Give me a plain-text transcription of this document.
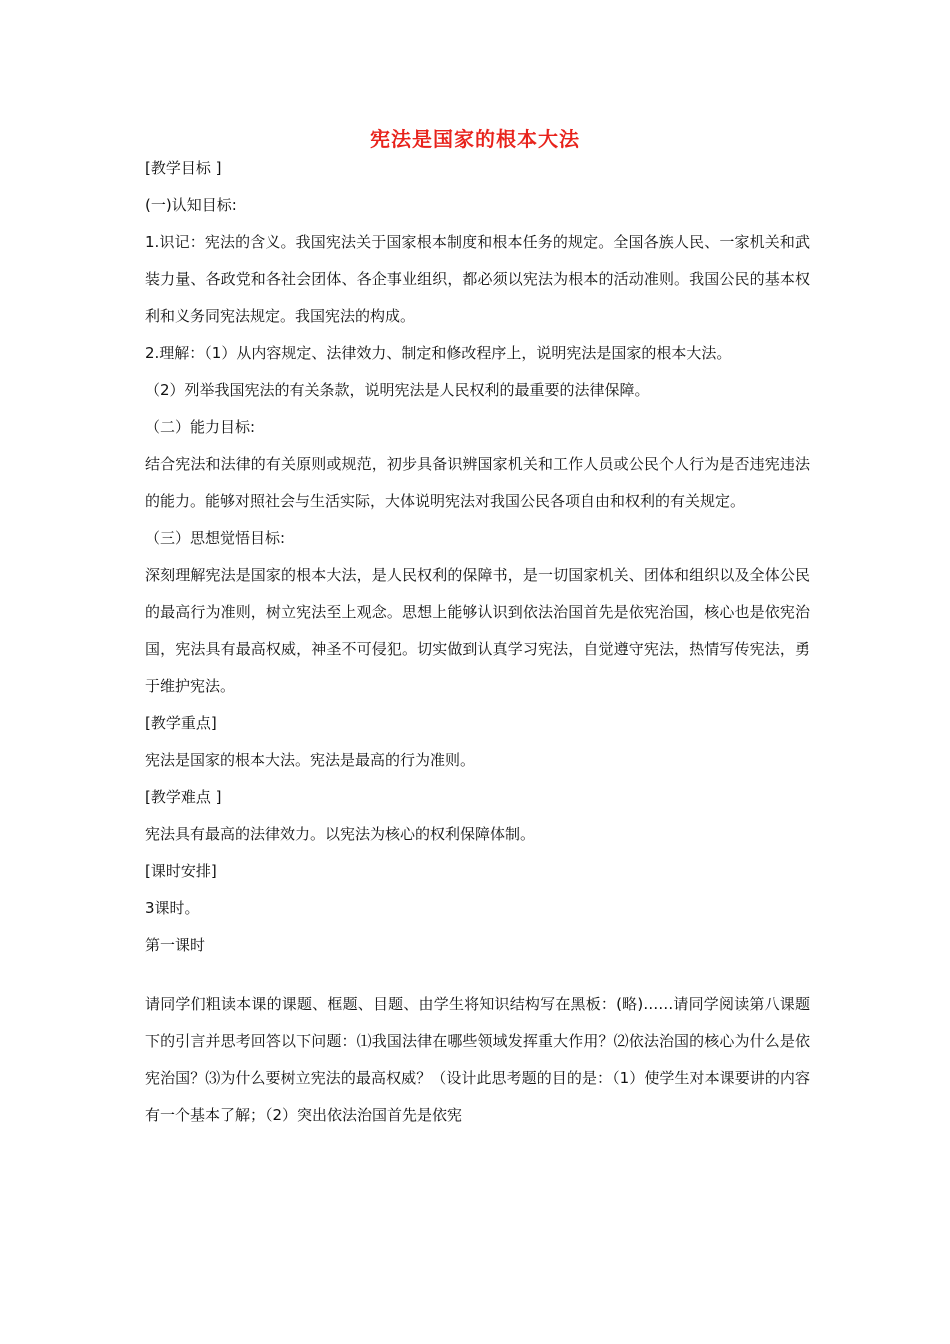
宪法是国家的根本大法
[教学目标 ]
(一)认知目标:
1.识记：宪法的含义。我国宪法关于国家根本制度和根本任务的规定。全国各族人民、一家机关和武装力量、各政党和各社会团体、各企事业组织，都必须以宪法为根本的活动准则。我国公民的基本权利和义务同宪法规定。我国宪法的构成。
2.理解：（1）从内容规定、法律效力、制定和修改程序上，说明宪法是国家的根本大法。
（2）列举我国宪法的有关条款，说明宪法是人民权利的最重要的法律保障。
（二）能力目标:
结合宪法和法律的有关原则或规范，初步具备识辨国家机关和工作人员或公民个人行为是否违宪违法的能力。能够对照社会与生活实际，大体说明宪法对我国公民各项自由和权利的有关规定。
（三）思想觉悟目标:
深刻理解宪法是国家的根本大法，是人民权利的保障书，是一切国家机关、团体和组织以及全体公民的最高行为准则，树立宪法至上观念。思想上能够认识到依法治国首先是依宪治国，核心也是依宪治国，宪法具有最高权威，神圣不可侵犯。切实做到认真学习宪法，自觉遵守宪法，热情写传宪法，勇于维护宪法。
[教学重点]
宪法是国家的根本大法。宪法是最高的行为准则。
[教学难点 ]
宪法具有最高的法律效力。以宪法为核心的权利保障体制。
[课时安排]
3课时。
第一课时
请同学们粗读本课的课题、框题、目题、由学生将知识结构写在黑板：(略)……请同学阅读第八课题下的引言并思考回答以下问题：⑴我国法律在哪些领域发挥重大作用？⑵依法治国的核心为什么是依宪治国？⑶为什么要树立宪法的最高权威？（设计此思考题的目的是：（1）使学生对本课要讲的内容有一个基本了解；（2）突出依法治国首先是依宪
